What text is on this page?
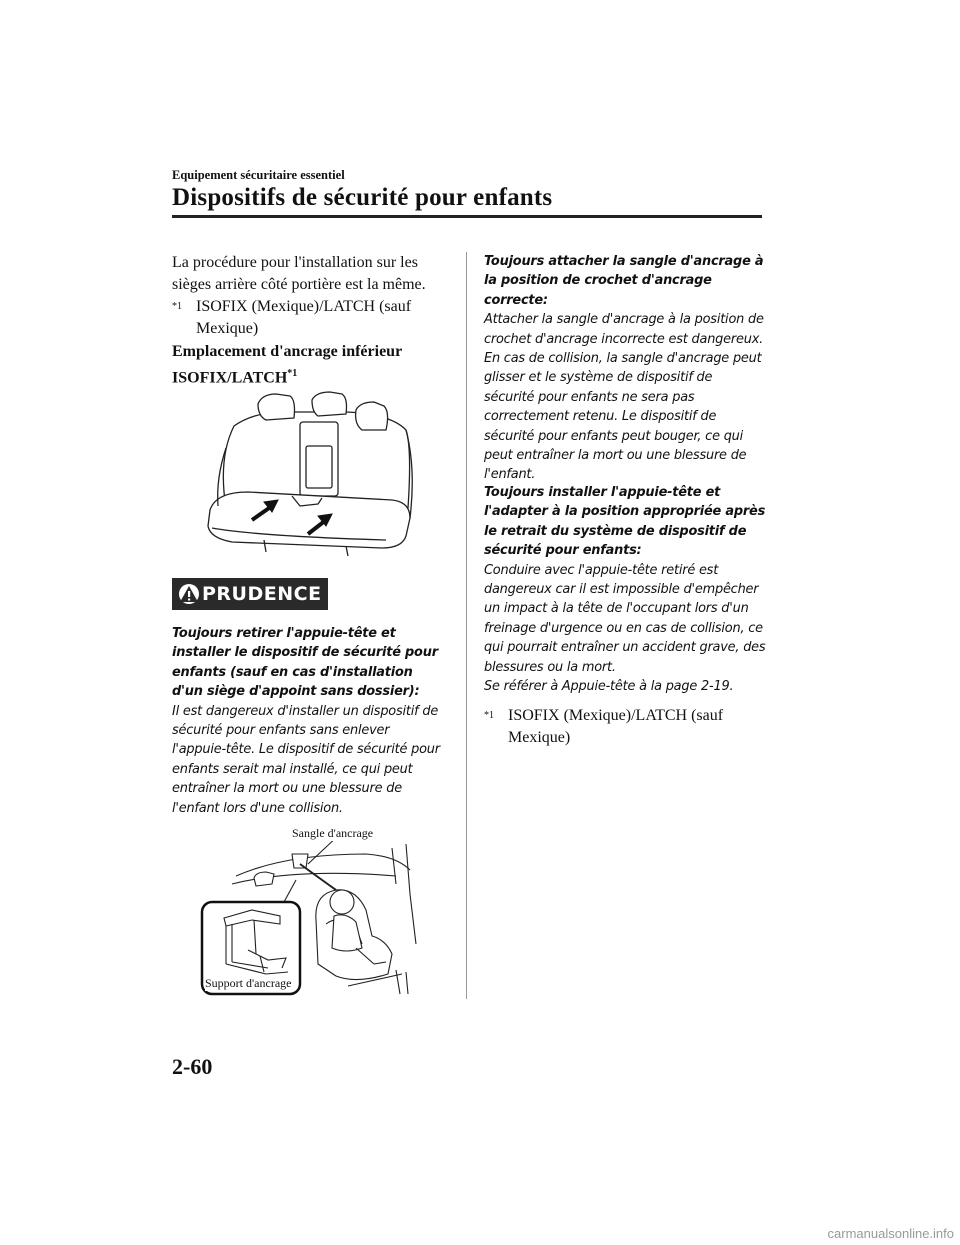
Equipement sécuritaire essentiel
Dispositifs de sécurité pour enfants
La procédure pour l'installation sur les sièges arrière côté portière est la même.
$^{*1}$ ISOFIX (Mexique)/LATCH (sauf Mexique)
Emplacement d'ancrage inférieur
ISOFIX/LATCH$^{*1}$
PRUDENCE
Toujours retirer l'appuie-tête et installer le dispositif de sécurité pour enfants (sauf en cas d'installation d'un siège d'appoint sans dossier):
Il est dangereux d'installer un dispositif de sécurité pour enfants sans enlever l'appuie-tête. Le dispositif de sécurité pour enfants serait mal installé, ce qui peut entraîner la mort ou une blessure de l'enfant lors d'une collision.
Sangle d'ancrage
Support d'ancrage
Toujours attacher la sangle d'ancrage à la position de crochet d'ancrage correcte:
Attacher la sangle d'ancrage à la position de crochet d'ancrage incorrecte est dangereux. En cas de collision, la sangle d'ancrage peut glisser et le système de dispositif de sécurité pour enfants ne sera pas correctement retenu. Le dispositif de sécurité pour enfants peut bouger, ce qui peut entraîner la mort ou une blessure de l'enfant.
Toujours installer l'appuie-tête et l'adapter à la position appropriée après le retrait du système de dispositif de sécurité pour enfants:
Conduire avec l'appuie-tête retiré est dangereux car il est impossible d'empêcher un impact à la tête de l'occupant lors d'un freinage d'urgence ou en cas de collision, ce qui pourrait entraîner un accident grave, des blessures ou la mort.
Se référer à Appuie-tête à la page 2-19.
$^{*1}$ ISOFIX (Mexique)/LATCH (sauf Mexique)
2-60
carmanualsonline.info
